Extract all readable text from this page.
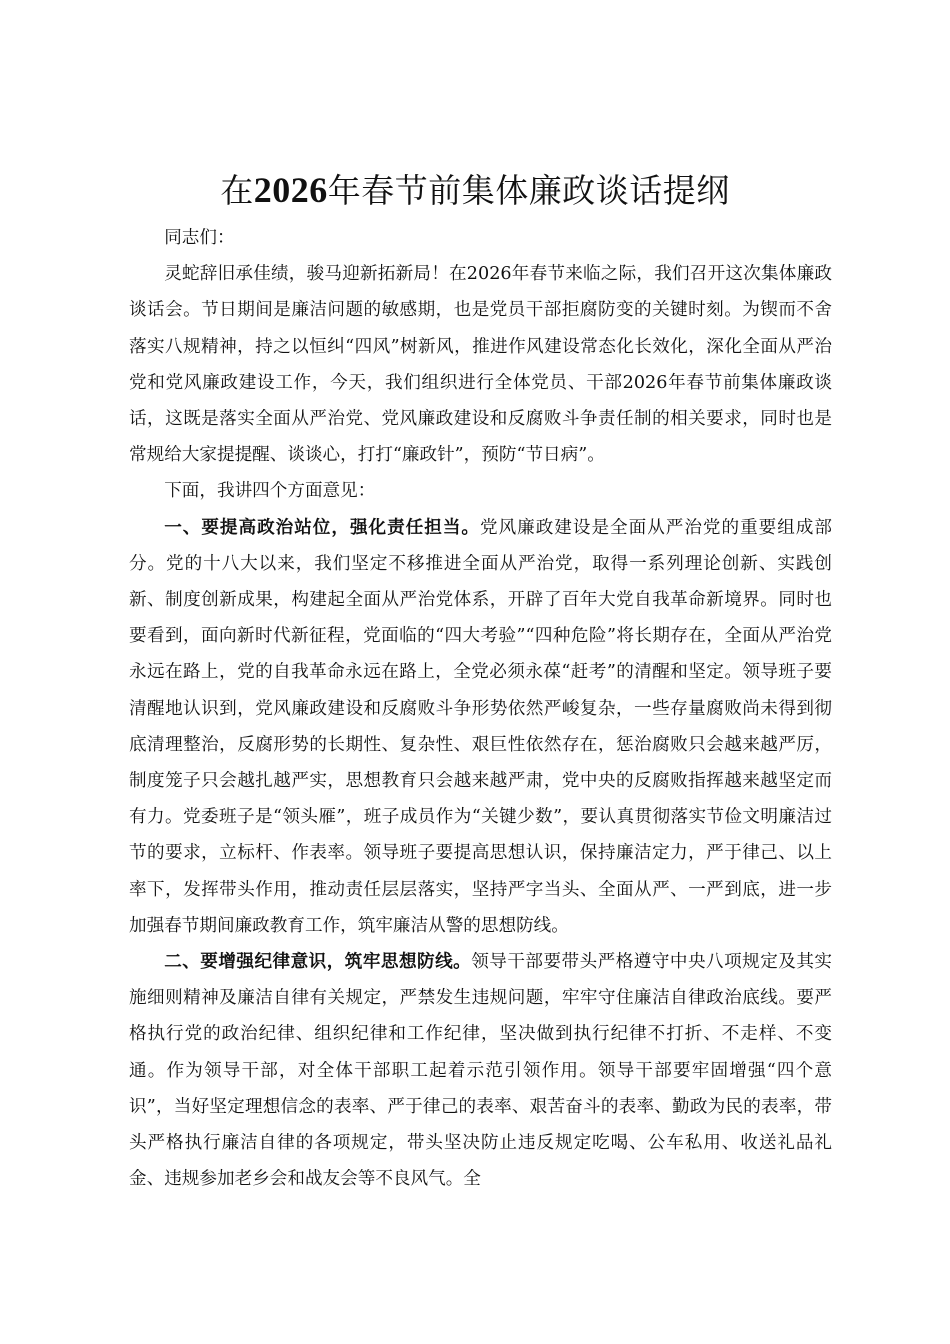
在2026年春节前集体廉政谈话提纲

同志们：

灵蛇辞旧承佳绩，骏马迎新拓新局！在2026年春节来临之际，我们召开这次集体廉政谈话会。节日期间是廉洁问题的敏感期，也是党员干部拒腐防变的关键时刻。为锲而不舍落实八规精神，持之以恒纠“四风”树新风，推进作风建设常态化长效化，深化全面从严治党和党风廉政建设工作，今天，我们组织进行全体党员、干部2026年春节前集体廉政谈话，这既是落实全面从严治党、党风廉政建设和反腐败斗争责任制的相关要求，同时也是常规给大家提提醒、谈谈心，打打“廉政针”，预防“节日病”。

下面，我讲四个方面意见：

一、要提高政治站位，强化责任担当。党风廉政建设是全面从严治党的重要组成部分。党的十八大以来，我们坚定不移推进全面从严治党，取得一系列理论创新、实践创新、制度创新成果，构建起全面从严治党体系，开辟了百年大党自我革命新境界。同时也要看到，面向新时代新征程，党面临的“四大考验”“四种危险”将长期存在，全面从严治党永远在路上，党的自我革命永远在路上，全党必须永葆“赶考”的清醒和坚定。领导班子要清醒地认识到，党风廉政建设和反腐败斗争形势依然严峻复杂，一些存量腐败尚未得到彻底清理整治，反腐形势的长期性、复杂性、艰巨性依然存在，惩治腐败只会越来越严厉，制度笼子只会越扎越严实，思想教育只会越来越严肃，党中央的反腐败指挥越来越坚定而有力。党委班子是“领头雁”，班子成员作为“关键少数”，要认真贯彻落实节俭文明廉洁过节的要求，立标杆、作表率。领导班子要提高思想认识，保持廉洁定力，严于律己、以上率下，发挥带头作用，推动责任层层落实，坚持严字当头、全面从严、一严到底，进一步加强春节期间廉政教育工作，筑牢廉洁从警的思想防线。

二、要增强纪律意识，筑牢思想防线。领导干部要带头严格遵守中央八项规定及其实施细则精神及廉洁自律有关规定，严禁发生违规问题，牢牢守住廉洁自律政治底线。要严格执行党的政治纪律、组织纪律和工作纪律，坚决做到执行纪律不打折、不走样、不变通。作为领导干部，对全体干部职工起着示范引领作用。领导干部要牢固增强“四个意识”，当好坚定理想信念的表率、严于律己的表率、艰苦奋斗的表率、勤政为民的表率，带头严格执行廉洁自律的各项规定，带头坚决防止违反规定吃喝、公车私用、收送礼品礼金、违规参加老乡会和战友会等不良风气。全
